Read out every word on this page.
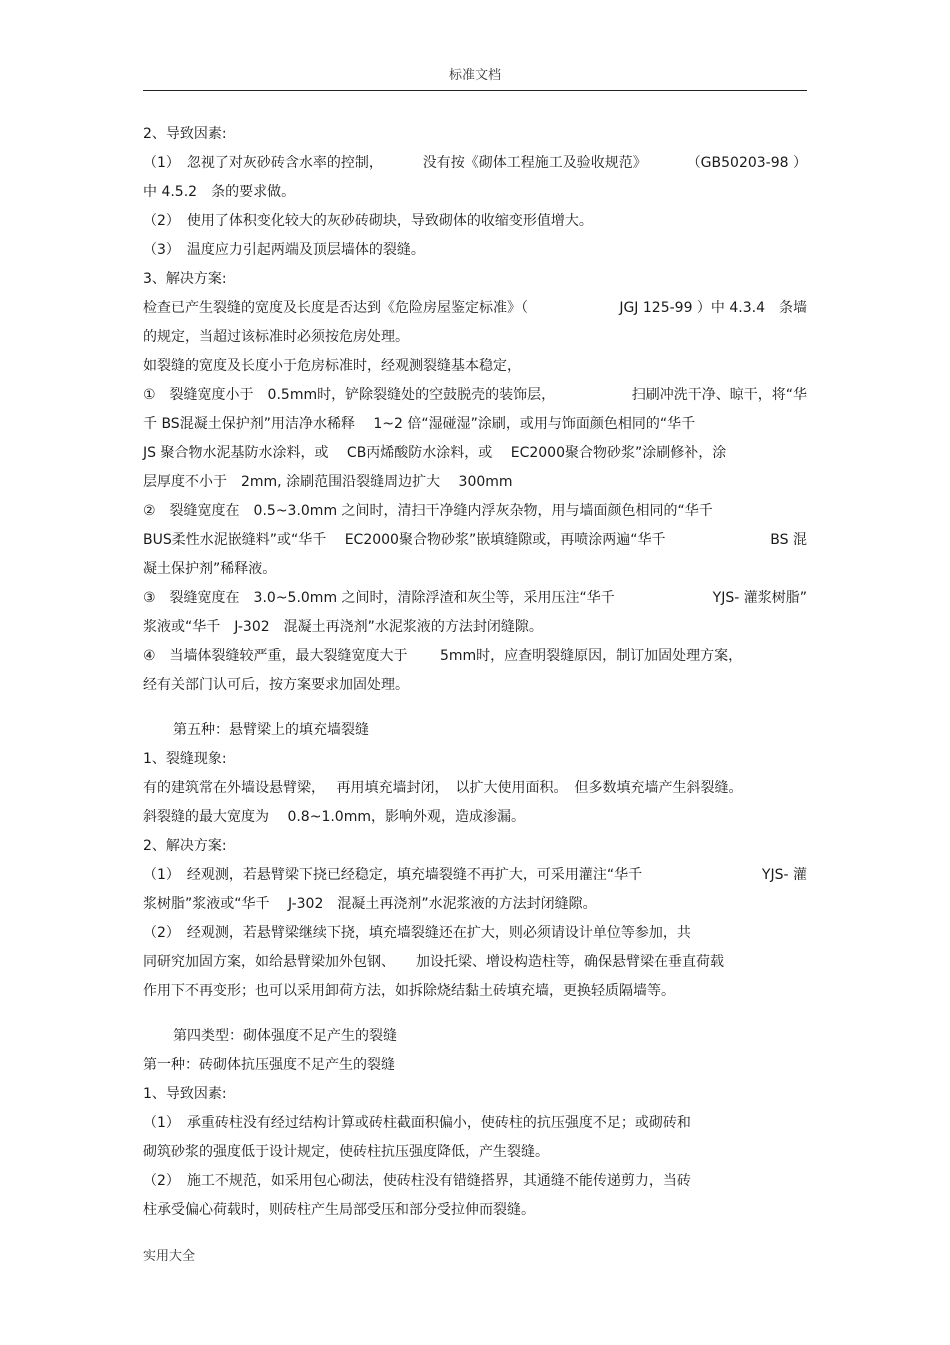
标准文档
2、导致因素:
（1）　忽视了对灰砂砖含水率的控制，	没有按《砌体工程施工及验收规范》	（GB50203-98 ）
中 4.5.2　条的要求做。
（2）　使用了体积变化较大的灰砂砖砌块，导致砌体的收缩变形值增大。
（3）　温度应力引起两端及顶层墙体的裂缝。
3、解决方案:
检查已产生裂缝的宽度及长度是否达到《危险房屋鉴定标准》（	JGJ 125-99 ）中 4.3.4　条墙
的规定，当超过该标准时必须按危房处理。
如裂缝的宽度及长度小于危房标准时，经观测裂缝基本稳定，
①　裂缝宽度小于　0.5mm时，铲除裂缝处的空鼓脱壳的装饰层，	扫刷冲洗干净、晾干，将“华
千 BS混凝土保护剂”用洁净水稀释　 1~2 倍“湿碰湿”涂刷，或用与饰面颜色相同的“华千
JS 聚合物水泥基防水涂料，或　 CB丙烯酸防水涂料，或　 EC2000聚合物砂浆”涂刷修补，涂
层厚度不小于　2mm, 涂刷范围沿裂缝周边扩大　 300mm
②　裂缝宽度在　0.5~3.0mm 之间时，清扫干净缝内浮灰杂物，用与墙面颜色相同的“华千
BUS柔性水泥嵌缝料”或“华千　 EC2000聚合物砂浆”嵌填缝隙或，再喷涂两遍“华千	BS 混
凝土保护剂”稀释液。
③　裂缝宽度在　3.0~5.0mm 之间时，清除浮渣和灰尘等，采用压注“华千	YJS- 灌浆树脂”
浆液或“华千　J-302　混凝土再浇剂”水泥浆液的方法封闭缝隙。
④　当墙体裂缝较严重，最大裂缝宽度大于　　 5mm时，应查明裂缝原因，制订加固处理方案，
经有关部门认可后，按方案要求加固处理。
第五种：悬臂梁上的填充墙裂缝
1、裂缝现象:
有的建筑常在外墙设悬臂梁，　 再用填充墙封闭，　以扩大使用面积。　但多数填充墙产生斜裂缝。
斜裂缝的最大宽度为　 0.8~1.0mm，影响外观，造成渗漏。
2、解决方案:
（1）　经观测，若悬臂梁下挠已经稳定，填充墙裂缝不再扩大，可采用灌注“华千	YJS- 灌
浆树脂”浆液或“华千　 J-302　混凝土再浇剂”水泥浆液的方法封闭缝隙。
（2）　经观测，若悬臂梁继续下挠，填充墙裂缝还在扩大，则必须请设计单位等参加，共
同研究加固方案，如给悬臂梁加外包钢、　　加设托梁、增设构造柱等，确保悬臂梁在垂直荷载
作用下不再变形；也可以采用卸荷方法，如拆除烧结黏土砖填充墙，更换轻质隔墙等。
第四类型：砌体强度不足产生的裂缝
第一种：砖砌体抗压强度不足产生的裂缝
1、导致因素:
（1）　承重砖柱没有经过结构计算或砖柱截面积偏小，使砖柱的抗压强度不足；或砌砖和
砌筑砂浆的强度低于设计规定，使砖柱抗压强度降低，产生裂缝。
（2）　施工不规范，如采用包心砌法，使砖柱没有错缝搭界，其通缝不能传递剪力，当砖
柱承受偏心荷载时，则砖柱产生局部受压和部分受拉伸而裂缝。
实用大全
